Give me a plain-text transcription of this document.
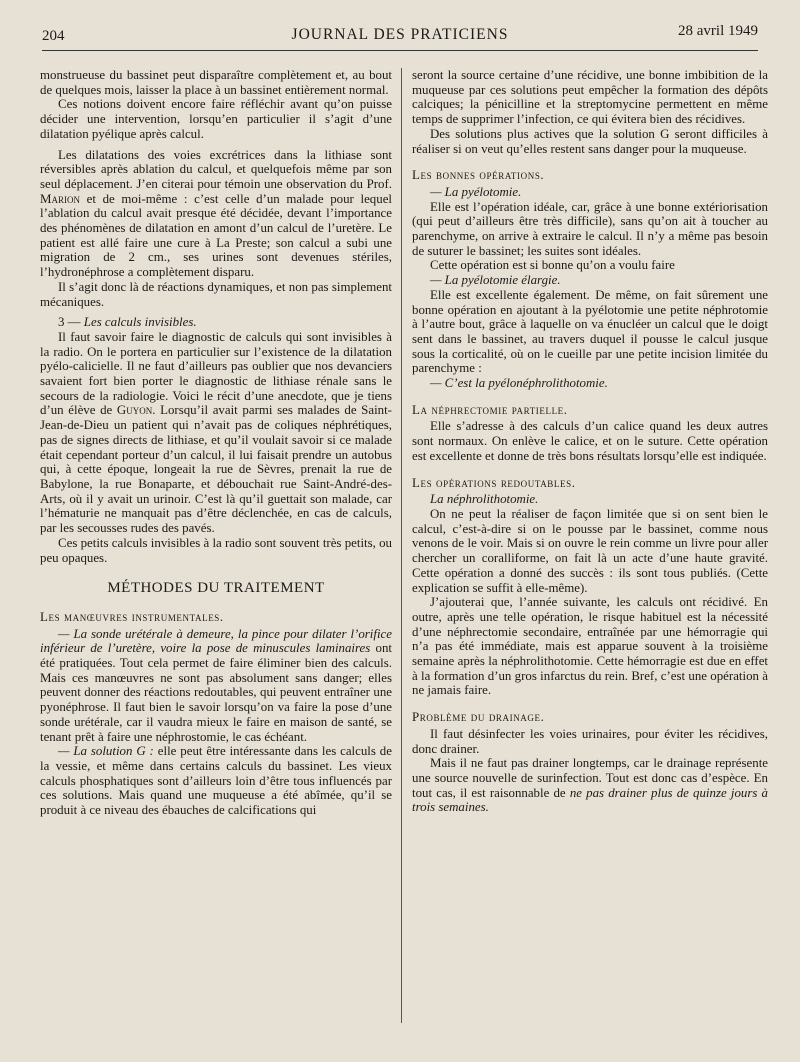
204	JOURNAL DES PRATICIENS	28 avril 1949

monstrueuse du bassinet peut disparaître complètement et, au bout de quelques mois, laisser la place à un bassinet entièrement normal.

Ces notions doivent encore faire réfléchir avant qu’on puisse décider une intervention, lorsqu’en particulier il s’agit d’une dilatation pyélique après calcul.

Les dilatations des voies excrétrices dans la lithiase sont réversibles après ablation du calcul, et quelquefois même par son seul déplacement. J’en citerai pour témoin une observation du Prof. Marion et de moi-même : c’est celle d’un malade pour lequel l’ablation du calcul avait presque été décidée, devant l’importance des phénomènes de dilatation en amont d’un calcul de l’uretère. Le patient est allé faire une cure à La Preste; son calcul a subi une migration de 2 cm., ses urines sont devenues stériles, l’hydronéphrose a complètement disparu.

Il s’agit donc là de réactions dynamiques, et non pas simplement mécaniques.

3 — Les calculs invisibles.

Il faut savoir faire le diagnostic de calculs qui sont invisibles à la radio. On le portera en particulier sur l’existence de la dilatation pyélo-calicielle. Il ne faut d’ailleurs pas oublier que nos devanciers savaient fort bien porter le diagnostic de lithiase rénale sans le secours de la radiologie. Voici le récit d’une anecdote, que je tiens d’un élève de Guyon. Lorsqu’il avait parmi ses malades de Saint-Jean-de-Dieu un patient qui n’avait pas de coliques néphrétiques, pas de signes directs de lithiase, et qu’il voulait savoir si ce malade était cependant porteur d’un calcul, il lui faisait prendre un autobus qui, à cette époque, longeait la rue de Sèvres, prenait la rue de Babylone, la rue Bonaparte, et débouchait rue Saint-André-des-Arts, où il y avait un urinoir. C’est là qu’il guettait son malade, car l’hématurie ne manquait pas d’être déclenchée, en cas de calculs, par les secousses rudes des pavés.

Ces petits calculs invisibles à la radio sont souvent très petits, ou peu opaques.

MÉTHODES DU TRAITEMENT

Les manœuvres instrumentales.

— La sonde urétérale à demeure, la pince pour dilater l’orifice inférieur de l’uretère, voire la pose de minuscules laminaires ont été pratiquées. Tout cela permet de faire éliminer bien des calculs. Mais ces manœuvres ne sont pas absolument sans danger; elles peuvent donner des réactions redoutables, qui peuvent entraîner une pyonéphrose. Il faut bien le savoir lorsqu’on va faire la pose d’une sonde urétérale, car il vaudra mieux le faire en maison de santé, se tenant prêt à faire une néphrostomie, le cas échéant.

— La solution G : elle peut être intéressante dans les calculs de la vessie, et même dans certains calculs du bassinet. Les vieux calculs phosphatiques sont d’ailleurs loin d’être tous influencés par ces solutions. Mais quand une muqueuse a été abîmée, qu’il se produit à ce niveau des ébauches de calcifications qui

seront la source certaine d’une récidive, une bonne imbibition de la muqueuse par ces solutions peut empêcher la formation des dépôts calciques; la pénicilline et la streptomycine permettent en même temps de supprimer l’infection, ce qui évitera bien des récidives.

Des solutions plus actives que la solution G seront difficiles à réaliser si on veut qu’elles restent sans danger pour la muqueuse.

Les bonnes opérations.

— La pyélotomie.

Elle est l’opération idéale, car, grâce à une bonne extériorisation (qui peut d’ailleurs être très difficile), sans qu’on ait à toucher au parenchyme, on arrive à extraire le calcul. Il n’y a même pas besoin de suturer le bassinet; les suites sont idéales.

Cette opération est si bonne qu’on a voulu faire

— La pyélotomie élargie.

Elle est excellente également. De même, on fait sûrement une bonne opération en ajoutant à la pyélotomie une petite néphrotomie à l’autre bout, grâce à laquelle on va énucléer un calcul que le doigt sent dans le bassinet, au travers duquel il pousse le calcul jusque sous la corticalité, où on le cueille par une petite incision limitée du parenchyme :

— C’est la pyélonéphrolithotomie.

La néphrectomie partielle.

Elle s’adresse à des calculs d’un calice quand les deux autres sont normaux. On enlève le calice, et on le suture. Cette opération est excellente et donne de très bons résultats lorsqu’elle est indiquée.

Les opérations redoutables.

La néphrolithotomie.

On ne peut la réaliser de façon limitée que si on sent bien le calcul, c’est-à-dire si on le pousse par le bassinet, comme nous venons de le voir. Mais si on ouvre le rein comme un livre pour aller chercher un coralliforme, on fait là un acte d’une haute gravité. Cette opération a donné des succès : ils sont tous publiés. (Cette explication se suffit à elle-même).

J’ajouterai que, l’année suivante, les calculs ont récidivé. En outre, après une telle opération, le risque habituel est la nécessité d’une néphrectomie secondaire, entraînée par une hémorragie qui n’a pas été immédiate, mais est apparue souvent à la troisième semaine après la néphrolithotomie. Cette hémorragie est due en effet à la formation d’un gros infarctus du rein. Bref, c’est une opération à ne jamais faire.

Problème du drainage.

Il faut désinfecter les voies urinaires, pour éviter les récidives, donc drainer.

Mais il ne faut pas drainer longtemps, car le drainage représente une source nouvelle de surinfection. Tout est donc cas d’espèce. En tout cas, il est raisonnable de ne pas drainer plus de quinze jours à trois semaines.
